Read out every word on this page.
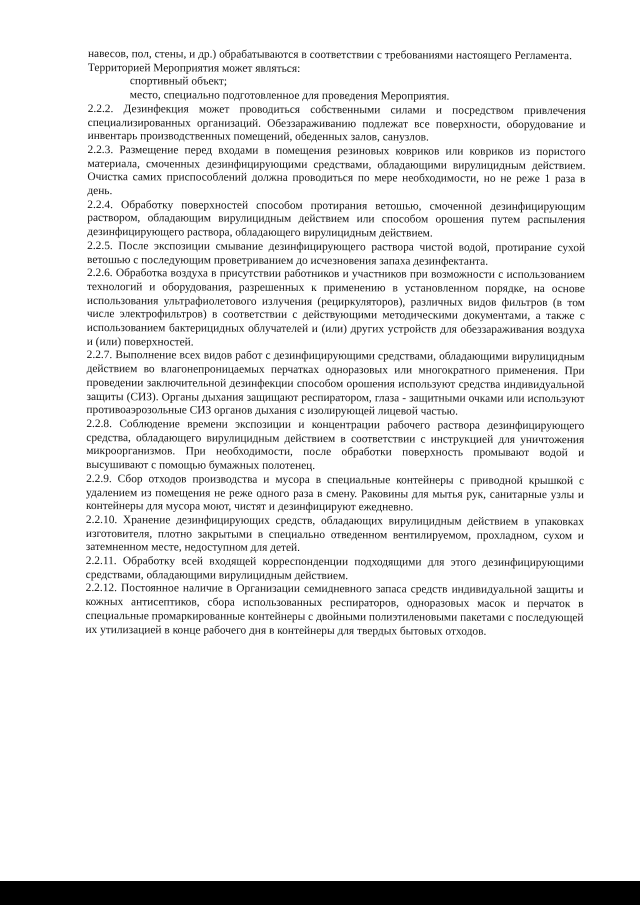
навесов, пол, стены, и др.) обрабатываются в соответствии с требованиями настоящего Регламента.

Территорией Мероприятия может являться:

спортивный объект;

место, специально подготовленное для проведения Мероприятия.

2.2.2. Дезинфекция может проводиться собственными силами и посредством привлечения специализированных организаций. Обеззараживанию подлежат все поверхности, оборудование и инвентарь производственных помещений, обеденных залов, санузлов.

2.2.3. Размещение перед входами в помещения резиновых ковриков или ковриков из пористого материала, смоченных дезинфицирующими средствами, обладающими вирулицидным действием. Очистка самих приспособлений должна проводиться по мере необходимости, но не реже 1 раза в день.

2.2.4. Обработку поверхностей способом протирания ветошью, смоченной дезинфицирующим раствором, обладающим вирулицидным действием или способом орошения путем распыления дезинфицирующего раствора, обладающего вирулицидным действием.

2.2.5. После экспозиции смывание дезинфицирующего раствора чистой водой, протирание сухой ветошью с последующим проветриванием до исчезновения запаха дезинфектанта.

2.2.6. Обработка воздуха в присутствии работников и участников при возможности с использованием технологий и оборудования, разрешенных к применению в установленном порядке, на основе использования ультрафиолетового излучения (рециркуляторов), различных видов фильтров (в том числе электрофильтров) в соответствии с действующими методическими документами, а также с использованием бактерицидных облучателей и (или) других устройств для обеззараживания воздуха и (или) поверхностей.

2.2.7. Выполнение всех видов работ с дезинфицирующими средствами, обладающими вирулицидным действием во влагонепроницаемых перчатках одноразовых или многократного применения. При проведении заключительной дезинфекции способом орошения используют средства индивидуальной защиты (СИЗ). Органы дыхания защищают респиратором, глаза - защитными очками или используют противоаэрозольные СИЗ органов дыхания с изолирующей лицевой частью.

2.2.8. Соблюдение времени экспозиции и концентрации рабочего раствора дезинфицирующего средства, обладающего вирулицидным действием в соответствии с инструкцией для уничтожения микроорганизмов. При необходимости, после обработки поверхность промывают водой и высушивают с помощью бумажных полотенец.

2.2.9. Сбор отходов производства и мусора в специальные контейнеры с приводной крышкой с удалением из помещения не реже одного раза в смену. Раковины для мытья рук, санитарные узлы и контейнеры для мусора моют, чистят и дезинфицируют ежедневно.

2.2.10. Хранение дезинфицирующих средств, обладающих вирулицидным действием в упаковках изготовителя, плотно закрытыми в специально отведенном вентилируемом, прохладном, сухом и затемненном месте, недоступном для детей.

2.2.11. Обработку всей входящей корреспонденции подходящими для этого дезинфицирующими средствами, обладающими вирулицидным действием.

2.2.12. Постоянное наличие в Организации семидневного запаса средств индивидуальной защиты и кожных антисептиков, сбора использованных респираторов, одноразовых масок и перчаток в специальные промаркированные контейнеры с двойными полиэтиленовыми пакетами с последующей их утилизацией в конце рабочего дня в контейнеры для твердых бытовых отходов.
